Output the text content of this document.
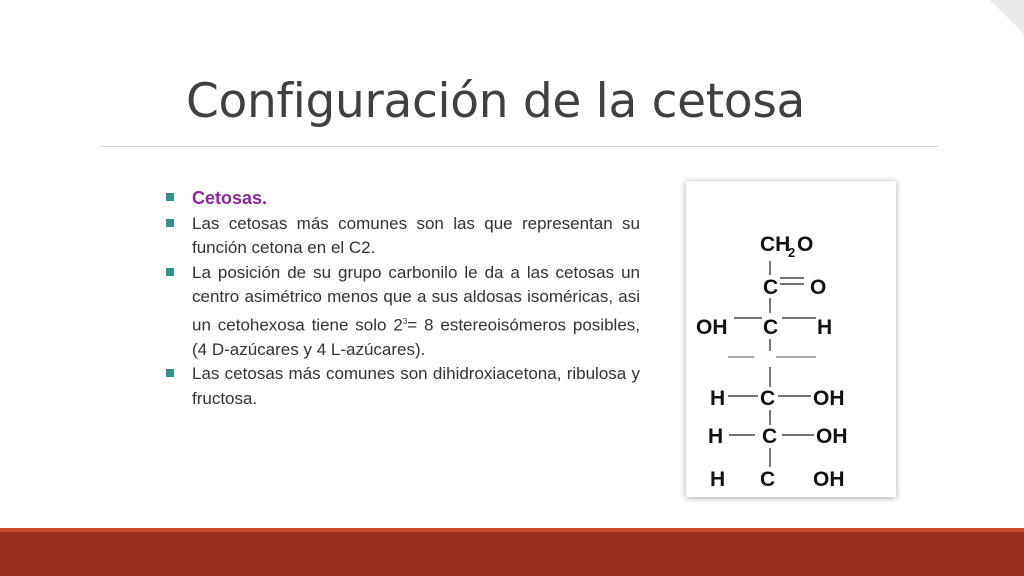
Configuración de la cetosa
Cetosas.
Las cetosas más comunes son las que representan su función cetona en el C2.
La posición de su grupo carbonilo le da a las cetosas un centro asimétrico menos que a sus aldosas isoméricas, asi un cetohexosa tiene solo $2^3= 8$ estereoisómeros posibles, (4 D-azúcares y 4 L-azúcares).
Las cetosas más comunes son dihidroxiacetona, ribulosa y fructosa.
CH
2 O
C O
OH C H
H C OH
H C OH
H C OH
